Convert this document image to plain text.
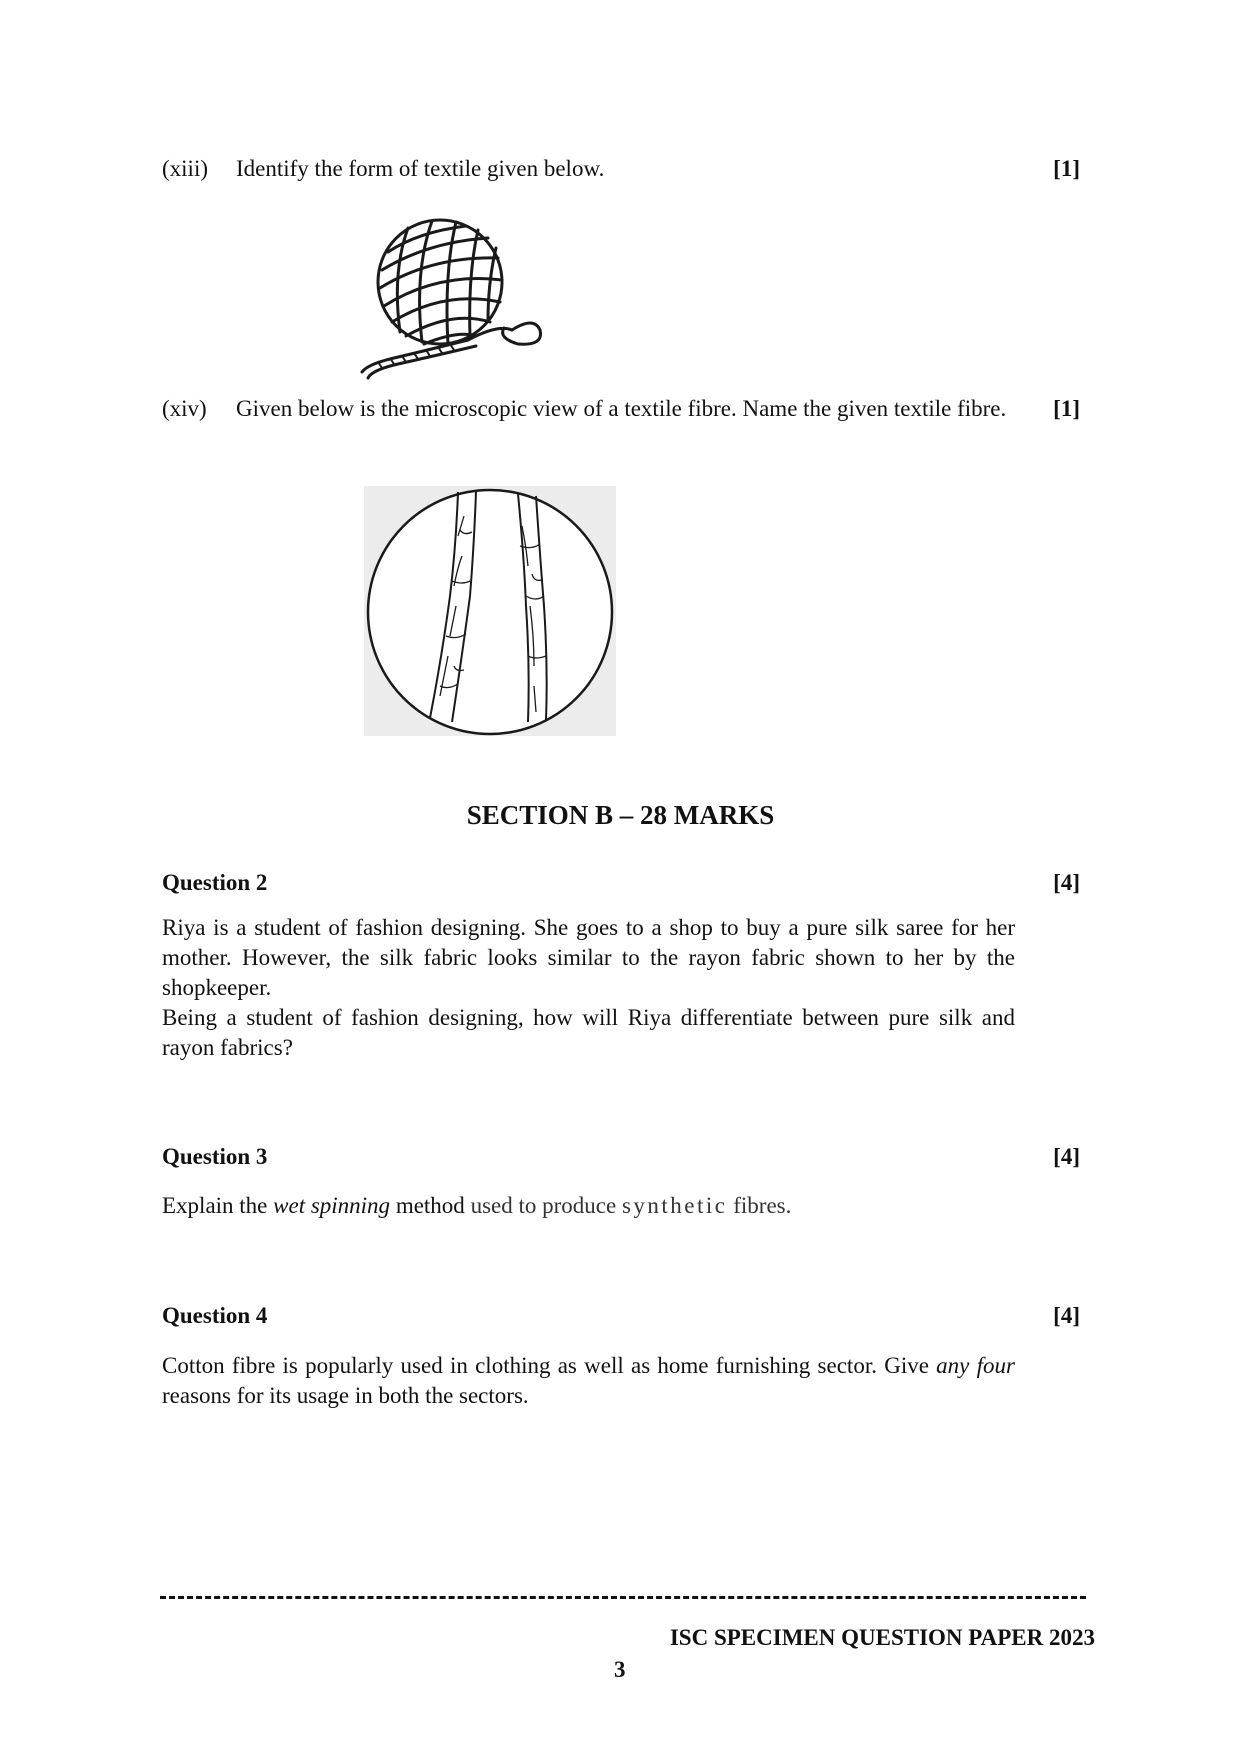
(xiii) Identify the form of textile given below.	[1]
(xiv) Given below is the microscopic view of a textile fibre. Name the given textile fibre.	[1]
SECTION B – 28 MARKS
Question 2	[4]

Riya is a student of fashion designing. She goes to a shop to buy a pure silk saree for her mother. However, the silk fabric looks similar to the rayon fabric shown to her by the shopkeeper.

Being a student of fashion designing, how will Riya differentiate between pure silk and rayon fabrics?

Question 3	[4]

Explain the wet spinning method used to produce synthetic fibres.

Question 4	[4]

Cotton fibre is popularly used in clothing as well as home furnishing sector. Give any four reasons for its usage in both the sectors.

ISC SPECIMEN QUESTION PAPER 2023
3
